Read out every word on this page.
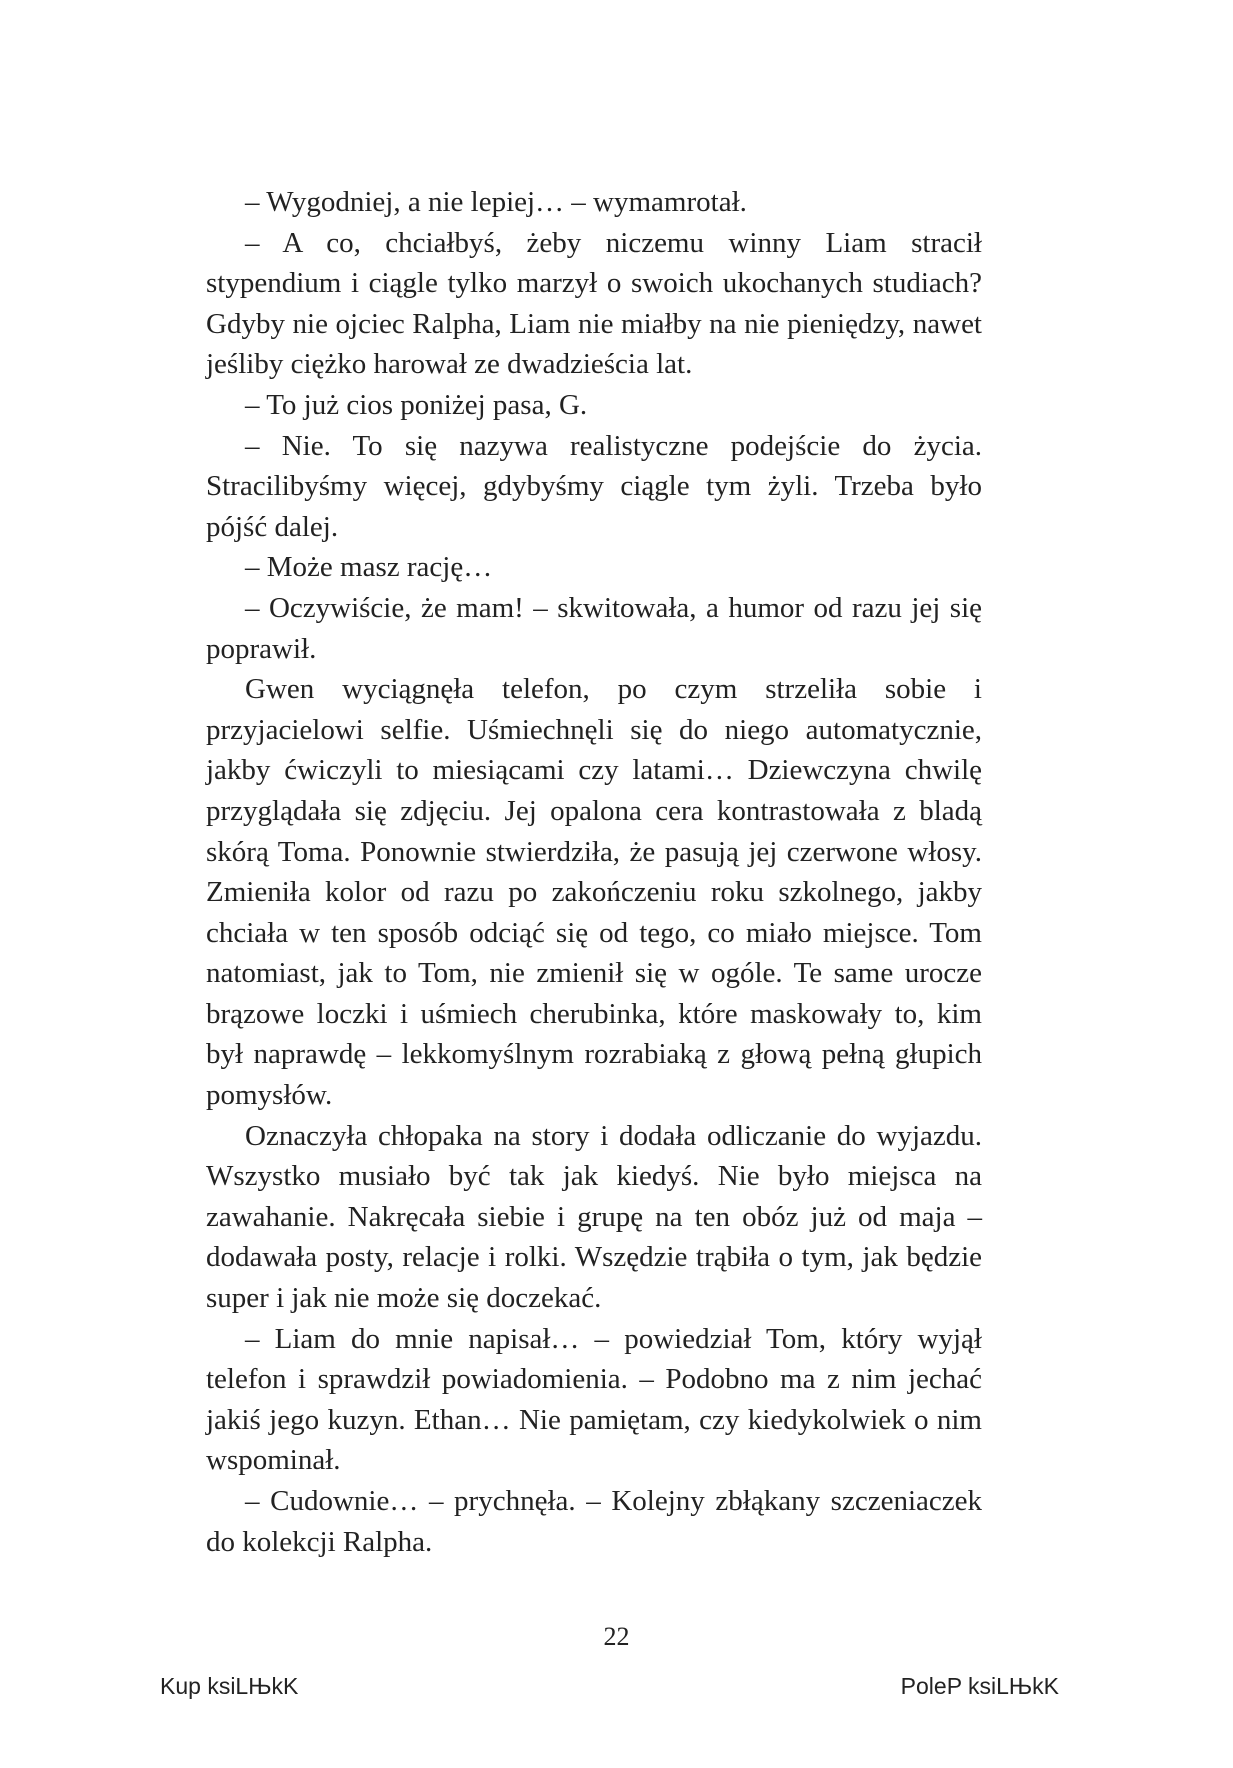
– Wygodniej, a nie lepiej… – wymamrotał.

– A co, chciałbyś, żeby niczemu winny Liam stracił stypendium i ciągle tylko marzył o swoich ukochanych studiach? Gdyby nie ojciec Ralpha, Liam nie miałby na nie pieniędzy, nawet jeśliby ciężko harował ze dwadzieścia lat.

– To już cios poniżej pasa, G.

– Nie. To się nazywa realistyczne podejście do życia. Stracilibyśmy więcej, gdybyśmy ciągle tym żyli. Trzeba było pójść dalej.

– Może masz rację…

– Oczywiście, że mam! – skwitowała, a humor od razu jej się poprawił.

Gwen wyciągnęła telefon, po czym strzeliła sobie i przyjacielowi selfie. Uśmiechnęli się do niego automatycznie, jakby ćwiczyli to miesiącami czy latami… Dziewczyna chwilę przyglądała się zdjęciu. Jej opalona cera kontrastowała z bladą skórą Toma. Ponownie stwierdziła, że pasują jej czerwone włosy. Zmieniła kolor od razu po zakończeniu roku szkolnego, jakby chciała w ten sposób odciąć się od tego, co miało miejsce. Tom natomiast, jak to Tom, nie zmienił się w ogóle. Te same urocze brązowe loczki i uśmiech cherubinka, które maskowały to, kim był naprawdę – lekkomyślnym rozrabiaką z głową pełną głupich pomysłów.

Oznaczyła chłopaka na story i dodała odliczanie do wyjazdu. Wszystko musiało być tak jak kiedyś. Nie było miejsca na zawahanie. Nakręcała siebie i grupę na ten obóz już od maja – dodawała posty, relacje i rolki. Wszędzie trąbiła o tym, jak będzie super i jak nie może się doczekać.

– Liam do mnie napisał… – powiedział Tom, który wyjął telefon i sprawdził powiadomienia. – Podobno ma z nim jechać jakiś jego kuzyn. Ethan… Nie pamiętam, czy kiedykolwiek o nim wspominał.

– Cudownie… – prychnęła. – Kolejny zbłąkany szczeniaczek do kolekcji Ralpha.

22
Kup ksiLЊkK	PoleP ksiLЊkK
